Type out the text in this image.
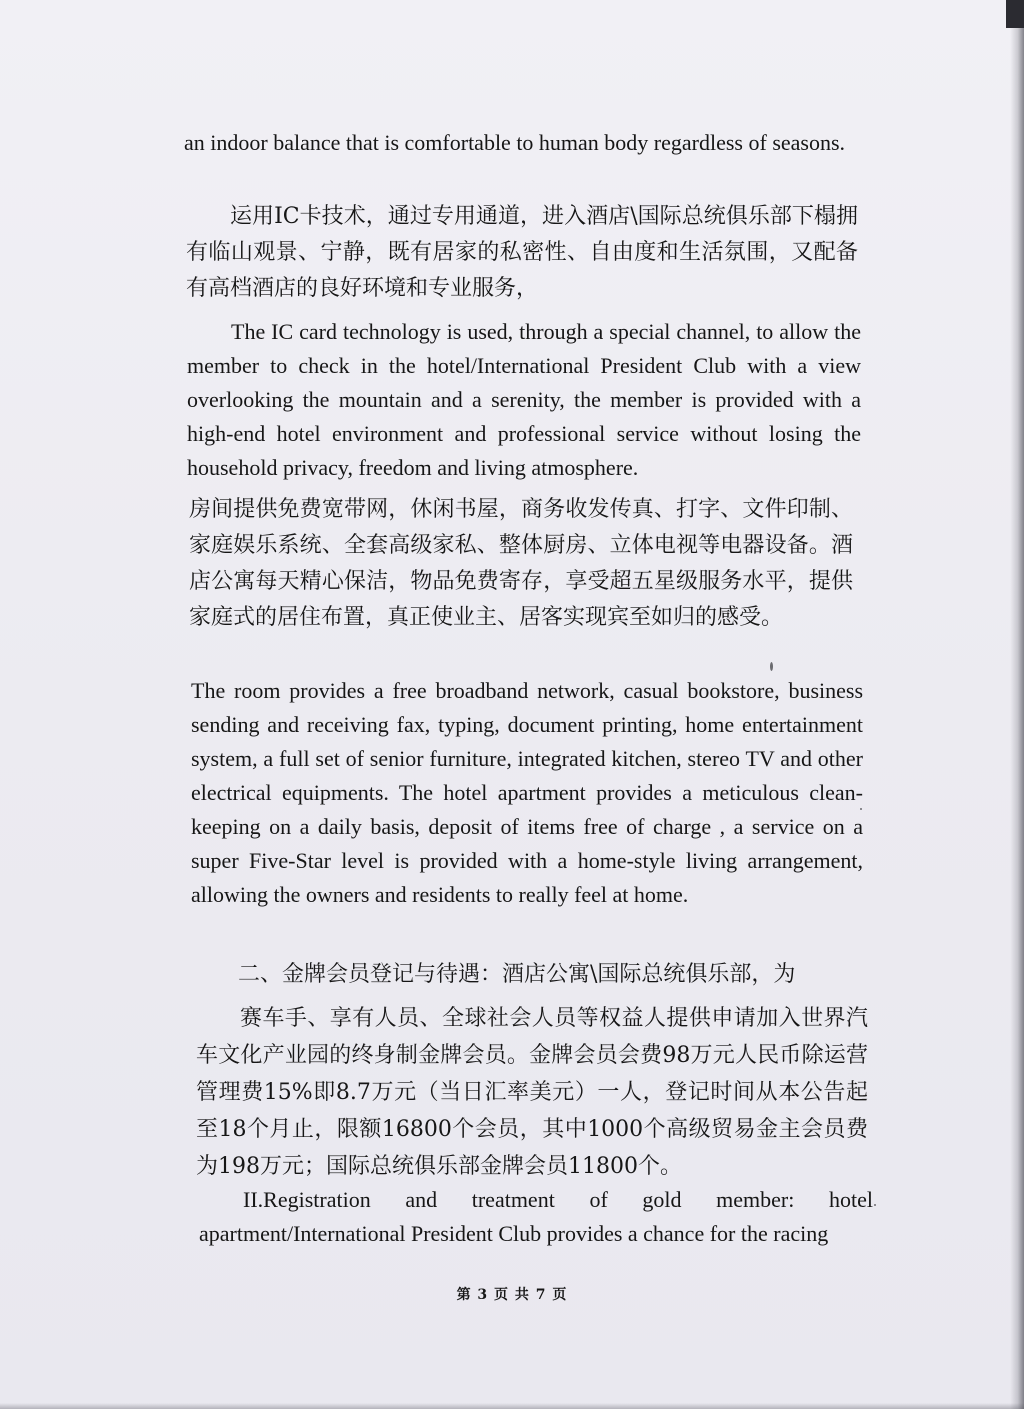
an indoor balance that is comfortable to human body regardless of seasons.

运用IC卡技术，通过专用通道，进入酒店\国际总统俱乐部下榻拥有临山观景、宁静，既有居家的私密性、自由度和生活氛围，又配备有高档酒店的良好环境和专业服务，

The IC card technology is used, through a special channel, to allow the member to check in the hotel/International President Club with a view overlooking the mountain and a serenity, the member is provided with a high-end hotel environment and professional service without losing the household privacy, freedom and living atmosphere.

房间提供免费宽带网，休闲书屋，商务收发传真、打字、文件印制、家庭娱乐系统、全套高级家私、整体厨房、立体电视等电器设备。酒店公寓每天精心保洁，物品免费寄存，享受超五星级服务水平，提供家庭式的居住布置，真正使业主、居客实现宾至如归的感受。

The room provides a free broadband network, casual bookstore, business sending and receiving fax, typing, document printing, home entertainment system, a full set of senior furniture, integrated kitchen, stereo TV and other electrical equipments. The hotel apartment provides a meticulous clean-keeping on a daily basis, deposit of items free of charge , a service on a super Five-Star level is provided with a home-style living arrangement, allowing the owners and residents to really feel at home.

二、金牌会员登记与待遇：酒店公寓\国际总统俱乐部，为

赛车手、享有人员、全球社会人员等权益人提供申请加入世界汽车文化产业园的终身制金牌会员。金牌会员会费98万元人民币除运营管理费15%即8.7万元（当日汇率美元）一人，登记时间从本公告起至18个月止，限额16800个会员，其中1000个高级贸易金主会员费为198万元；国际总统俱乐部金牌会员11800个。

II.Registration and treatment of gold member: hotel apartment/International President Club provides a chance for the racing

第 3 页 共 7 页
